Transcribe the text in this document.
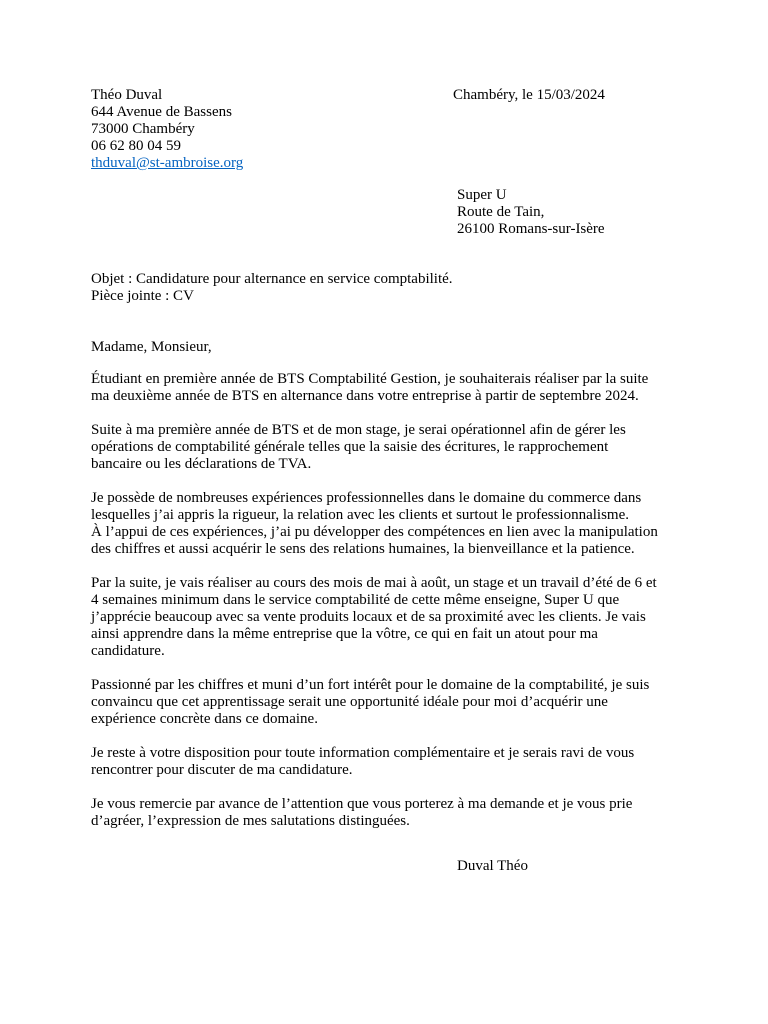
Théo Duval
644 Avenue de Bassens
73000 Chambéry
06 62 80 04 59
thduval@st-ambroise.org
Chambéry, le 15/03/2024
Super U
Route de Tain,
26100 Romans-sur-Isère
Objet : Candidature pour alternance en service comptabilité.
Pièce jointe : CV
Madame, Monsieur,
Étudiant en première année de BTS Comptabilité Gestion, je souhaiterais réaliser par la suite
ma deuxième année de BTS en alternance dans votre entreprise à partir de septembre 2024.
Suite à ma première année de BTS et de mon stage, je serai opérationnel afin de gérer les
opérations de comptabilité générale telles que la saisie des écritures, le rapprochement
bancaire ou les déclarations de TVA.
Je possède de nombreuses expériences professionnelles dans le domaine du commerce dans
lesquelles j’ai appris la rigueur, la relation avec les clients et surtout le professionnalisme.
À l’appui de ces expériences, j’ai pu développer des compétences en lien avec la manipulation
des chiffres et aussi acquérir le sens des relations humaines, la bienveillance et la patience.
Par la suite, je vais réaliser au cours des mois de mai à août, un stage et un travail d’été de 6 et
4 semaines minimum dans le service comptabilité de cette même enseigne, Super U que
j’apprécie beaucoup avec sa vente produits locaux et de sa proximité avec les clients. Je vais
ainsi apprendre dans la même entreprise que la vôtre, ce qui en fait un atout pour ma
candidature.
Passionné par les chiffres et muni d’un fort intérêt pour le domaine de la comptabilité, je suis
convaincu que cet apprentissage serait une opportunité idéale pour moi d’acquérir une
expérience concrète dans ce domaine.
Je reste à votre disposition pour toute information complémentaire et je serais ravi de vous
rencontrer pour discuter de ma candidature.
Je vous remercie par avance de l’attention que vous porterez à ma demande et je vous prie
d’agréer, l’expression de mes salutations distinguées.
Duval Théo
